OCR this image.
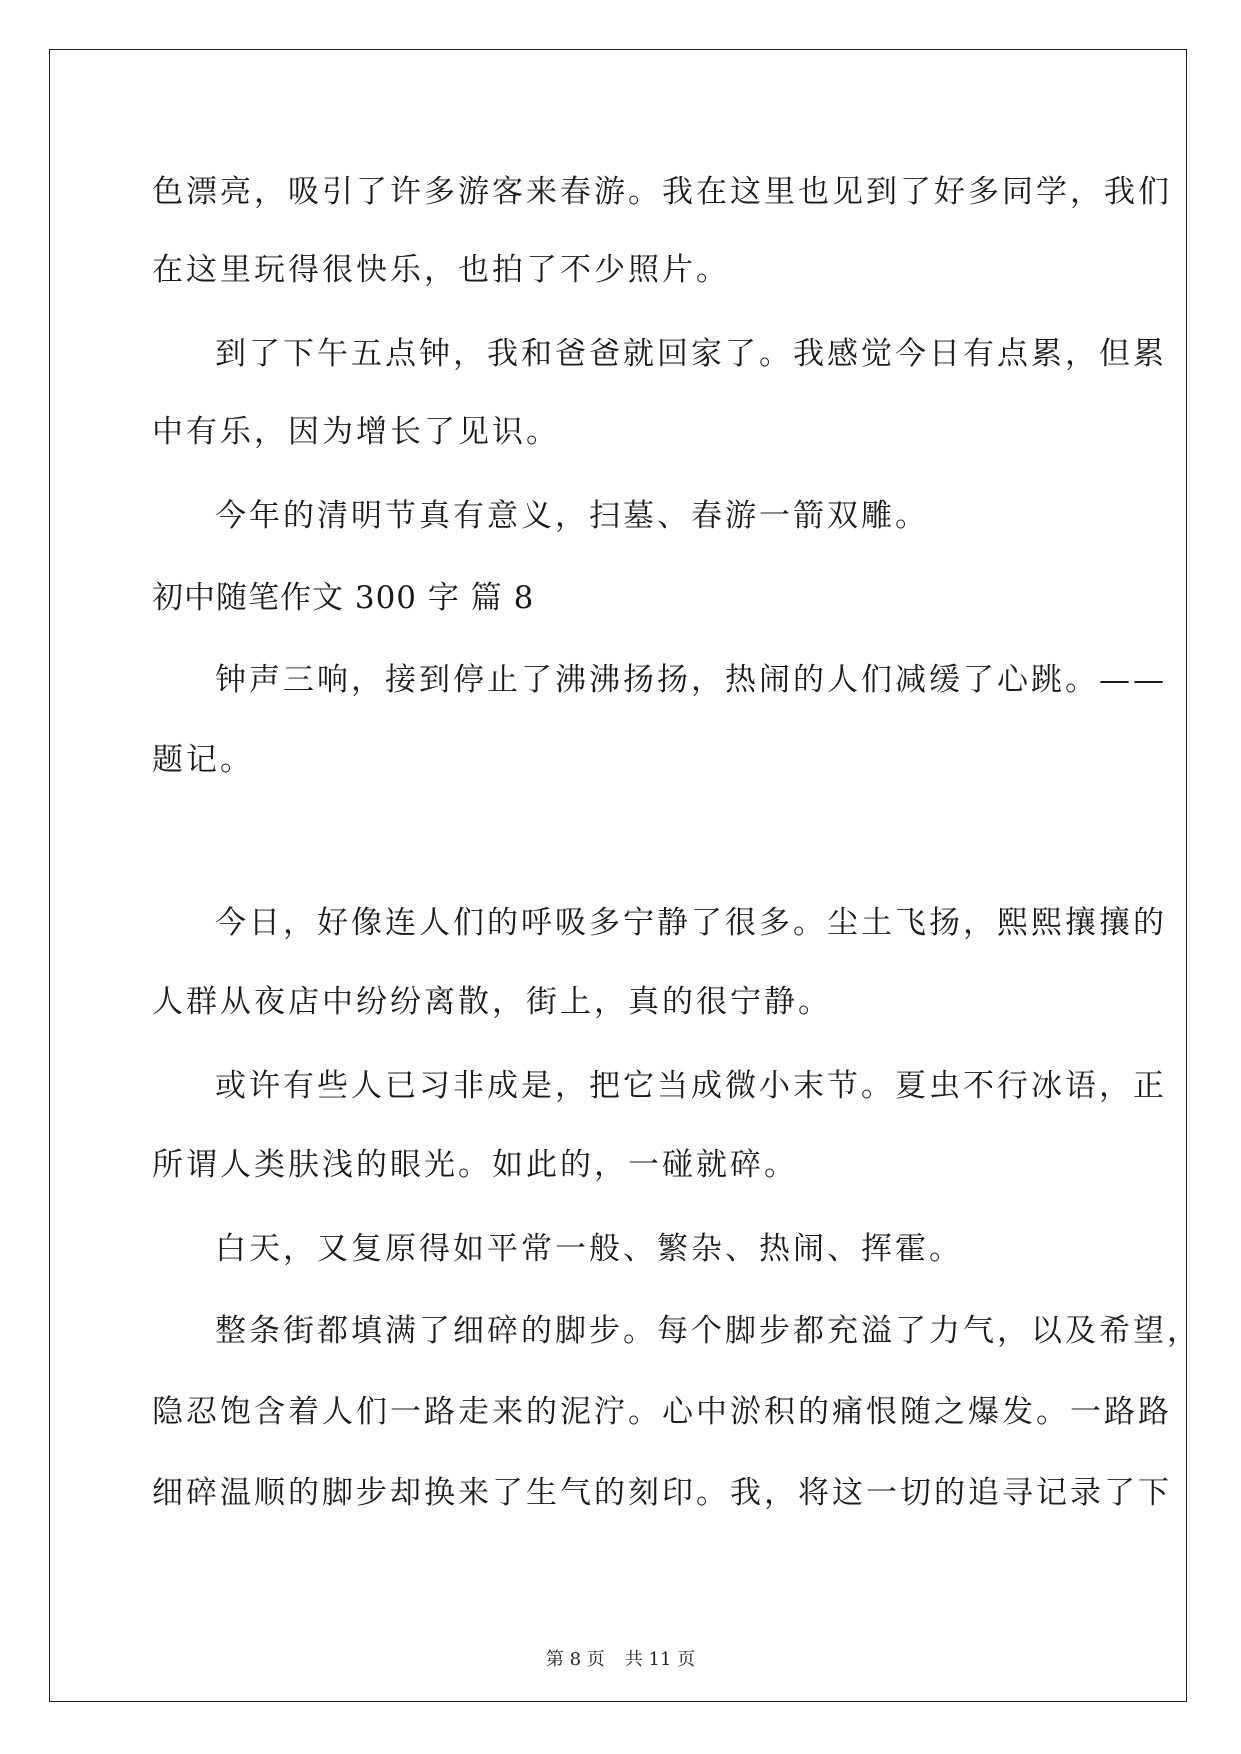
色漂亮，吸引了许多游客来春游。我在这里也见到了好多同学，我们

在这里玩得很快乐，也拍了不少照片。

到了下午五点钟，我和爸爸就回家了。我感觉今日有点累，但累

中有乐，因为增长了见识。

今年的清明节真有意义，扫墓、春游一箭双雕。

初中随笔作文 300 字 篇 8

钟声三响，接到停止了沸沸扬扬，热闹的人们减缓了心跳。——

题记。

今日，好像连人们的呼吸多宁静了很多。尘土飞扬，熙熙攘攘的

人群从夜店中纷纷离散，街上，真的很宁静。

或许有些人已习非成是，把它当成微小末节。夏虫不行冰语，正

所谓人类肤浅的眼光。如此的，一碰就碎。

白天，又复原得如平常一般、繁杂、热闹、挥霍。

整条街都填满了细碎的脚步。每个脚步都充溢了力气，以及希望，

隐忍饱含着人们一路走来的泥泞。心中淤积的痛恨随之爆发。一路路

细碎温顺的脚步却换来了生气的刻印。我，将这一切的追寻记录了下

第 8 页 共 11 页
